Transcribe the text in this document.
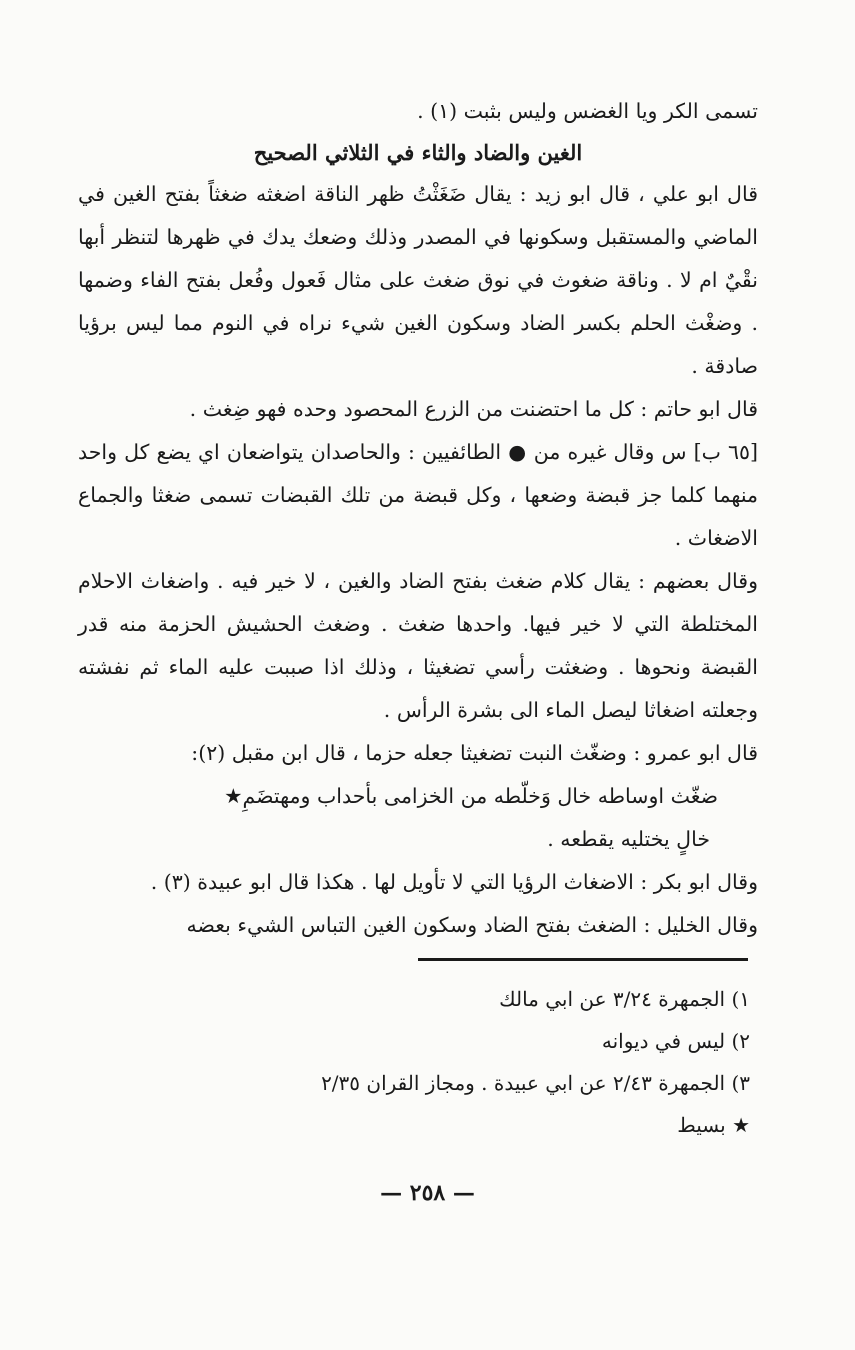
تسمى الكر ويا الغضس وليس بثبت (١) .

الغين والضاد والثاء في الثلاثي الصحيح

قال ابو علي ، قال ابو زيد : يقال ضَغَثْتُ ظهر الناقة اضغثه ضغثاً بفتح الغين في الماضي والمستقبل وسكونها في المصدر وذلك وضعك يدك في ظهرها لتنظر أبها نقْيٌ ام لا . وناقة ضغوث في نوق ضغث على مثال فَعول وفُعل بفتح الفاء وضمها . وضغْث الحلم بكسر الضاد وسكون الغين شيء نراه في النوم مما ليس برؤيا صادقة .

قال ابو حاتم : كل ما احتضنت من الزرع المحصود وحده فهو ضِغث .

[٦٥ ب] س وقال غيره من ● الطائفيين : والحاصدان يتواضعان اي يضع كل واحد منهما كلما جز قبضة وضعها ، وكل قبضة من تلك القبضات تسمى ضغثا والجماع الاضغاث .

وقال بعضهم : يقال كلام ضغث بفتح الضاد والغين ، لا خير فيه . واضغاث الاحلام المختلطة التي لا خير فيها. واحدها ضغث . وضغث الحشيش الحزمة منه قدر القبضة ونحوها . وضغثت رأسي تضغيثا ، وذلك اذا صببت عليه الماء ثم نفشته وجعلته اضغاثا ليصل الماء الى بشرة الرأس .

قال ابو عمرو : وضغّث النبت تضغيثا جعله حزما ، قال ابن مقبل (٢):

ضغّث اوساطه خال وَخلّطه من الخزامى بأحداب ومهتضَمِ★
خالٍ يختليه يقطعه .

وقال ابو بكر : الاضغاث الرؤيا التي لا تأويل لها . هكذا قال ابو عبيدة (٣) .

وقال الخليل : الضغث بفتح الضاد وسكون الغين التباس الشيء بعضه

١) الجمهرة ٣/٢٤ عن ابي مالك
٢) ليس في ديوانه
٣) الجمهرة ٢/٤٣ عن ابي عبيدة . ومجاز القران ٢/٣٥
★ بسيط
— ٢٥٨ —
